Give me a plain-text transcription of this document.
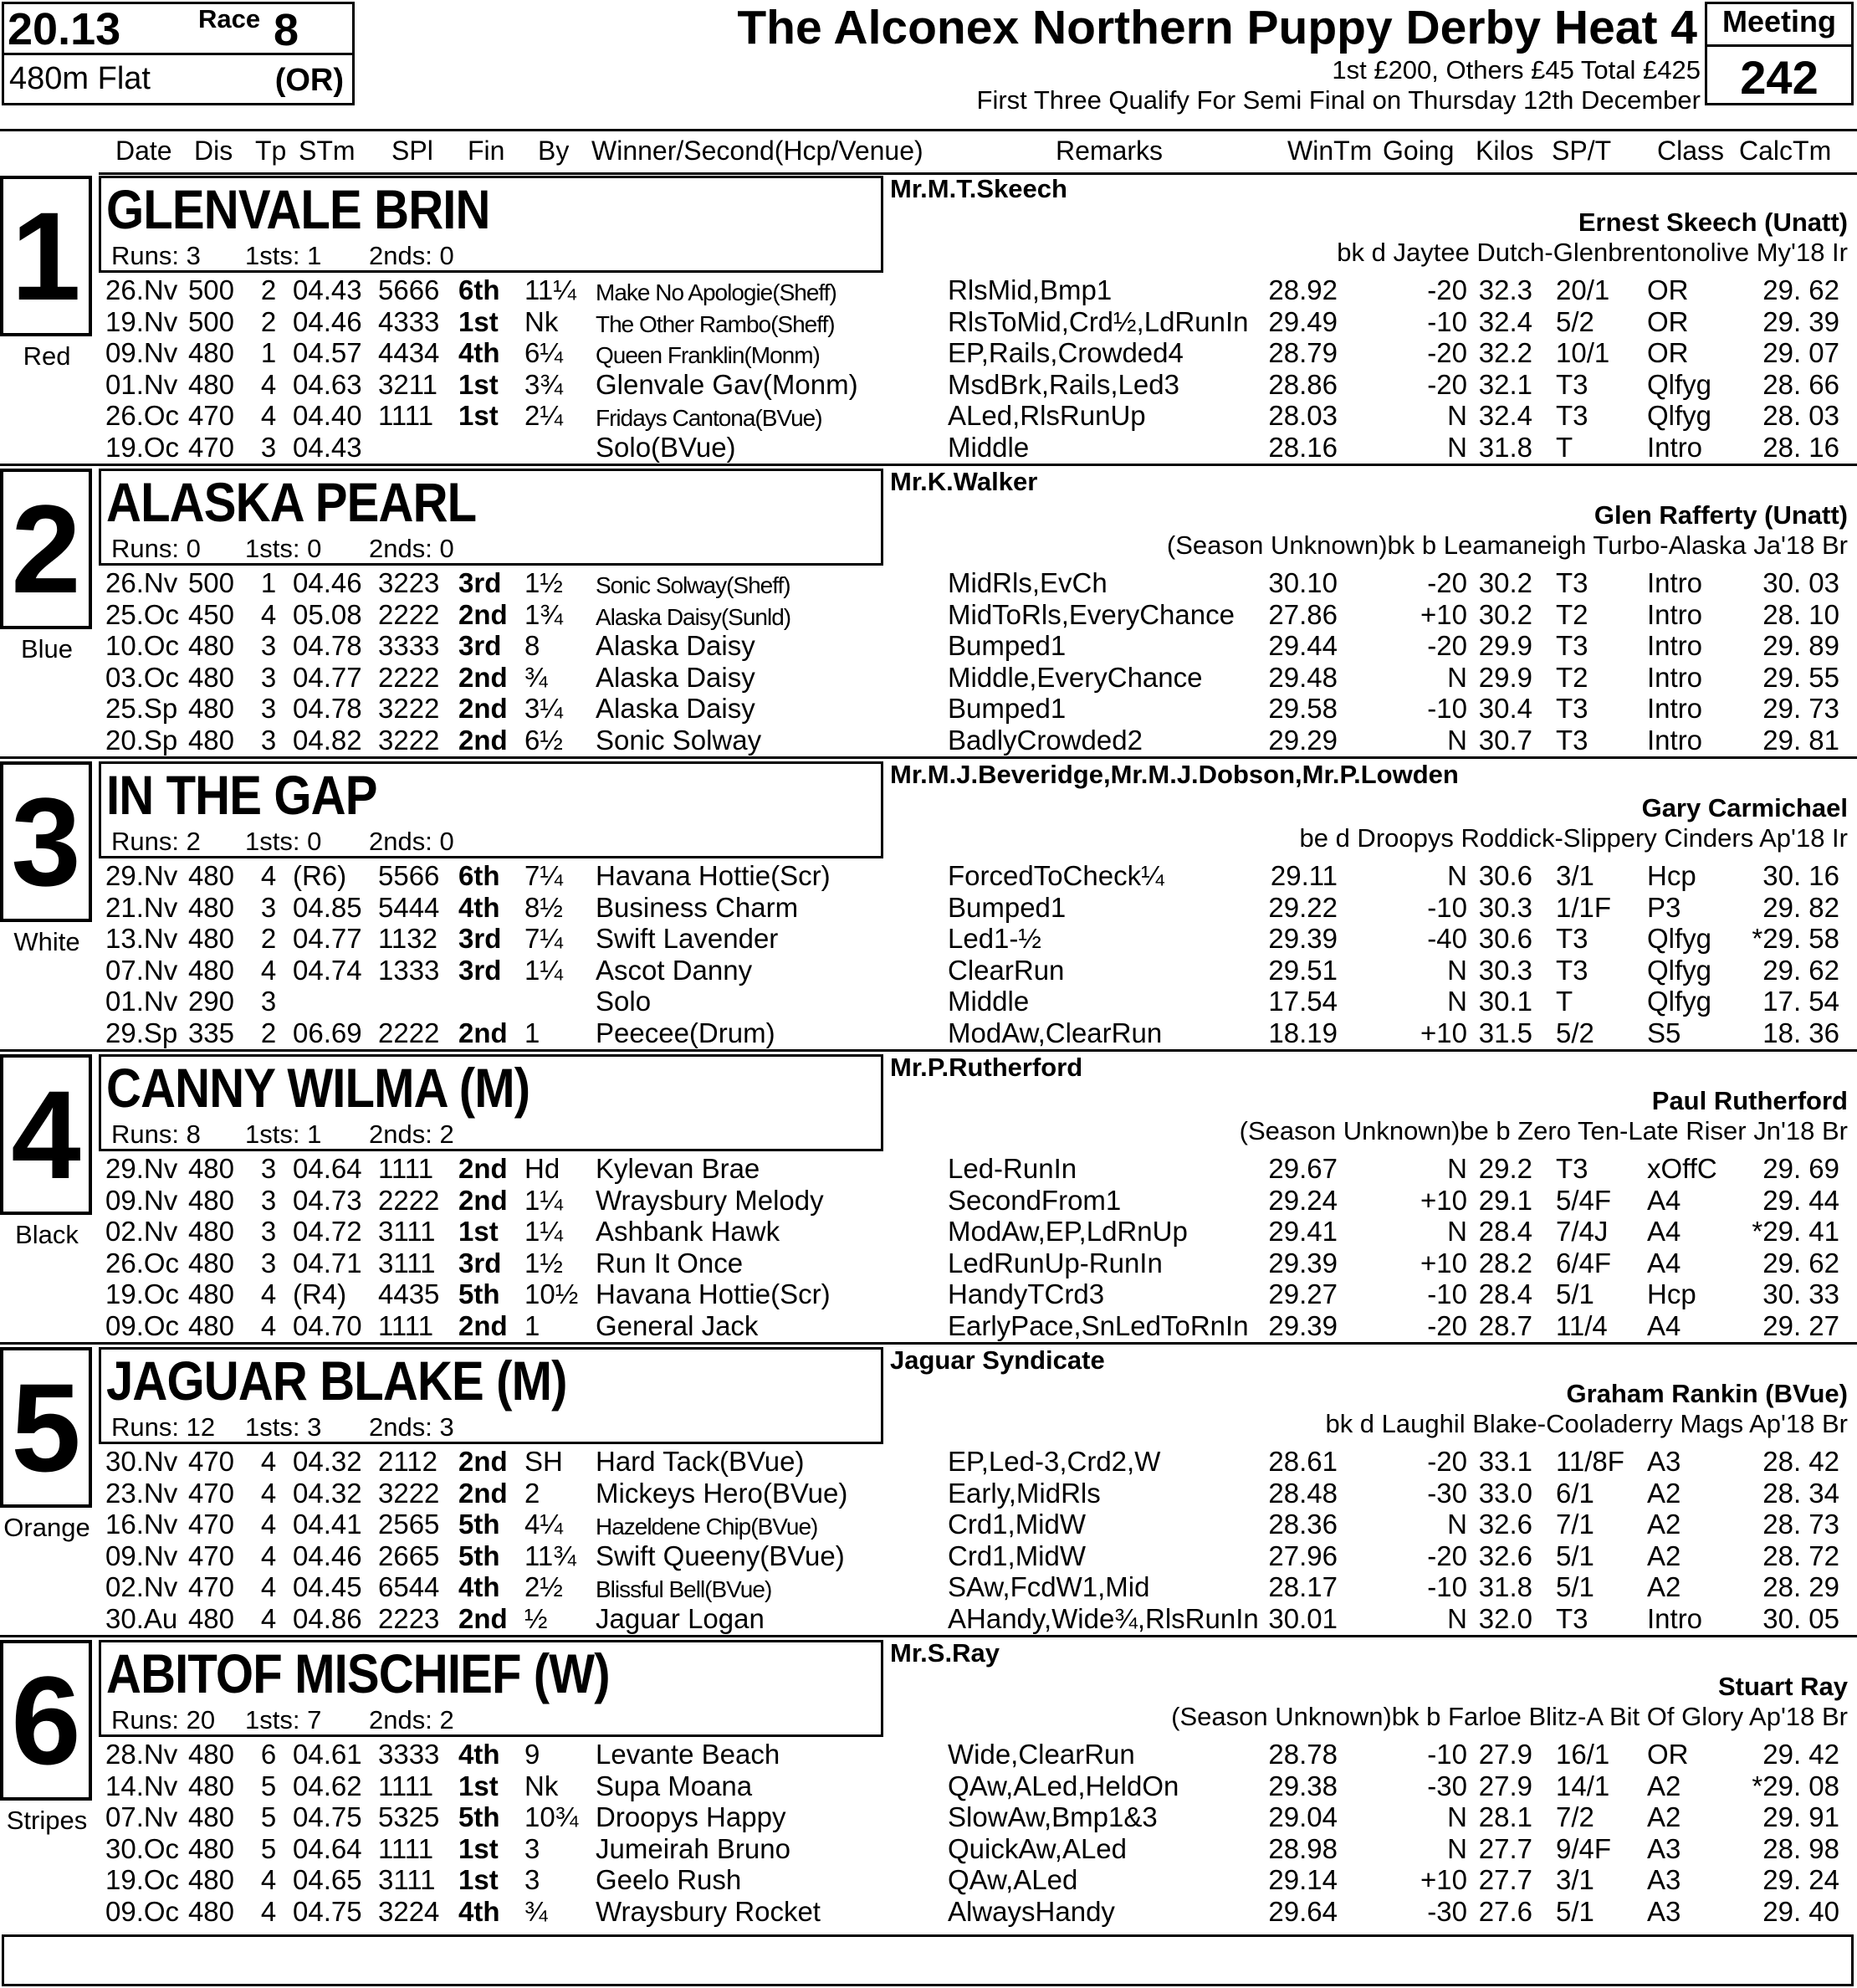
20.13	Race 8
480m Flat	(OR)
The Alconex Northern Puppy Derby Heat 4
1st £200, Others £45 Total £425
First Three Qualify For Semi Final on Thursday 12th December
Meeting
242
Date Dis Tp STm SPl Fin By Winner/Second(Hcp/Venue)	Remarks	WinTm Going Kilos SP/T Class CalcTm
1
Red
GLENVALE BRIN
Runs: 3 1sts: 1 2nds: 0
Mr.M.T.Skeech
Ernest Skeech (Unatt)
bk d Jaytee Dutch-Glenbrentonolive My'18 Ir
26.Nv 500 2 04.43 5666 6th 11¼ Make No Apologie(Sheff)	RlsMid,Bmp1	28.92	-20 32.3 20/1 OR	29. 62
19.Nv 500 2 04.46 4333 1st Nk The Other Rambo(Sheff)	RlsToMid,Crd½,LdRunIn 29.49	-10 32.4 5/2 OR	29. 39
09.Nv 480 1 04.57 4434 4th 6¼ Queen Franklin(Monm)	EP,Rails,Crowded4	28.79	-20 32.2 10/1 OR	29. 07
01.Nv 480 4 04.63 3211 1st 3¾ Glenvale Gav(Monm)	MsdBrk,Rails,Led3	28.86	-20 32.1 T3 Qlfyg 28. 66
26.Oc 470 4 04.40 1111 1st 2¼ Fridays Cantona(BVue)	ALed,RlsRunUp	28.03	N 32.4 T3 Qlfyg 28. 03
19.Oc 470 3 04.43	Solo(BVue)	Middle	28.16	N 31.8 T	Intro 28. 16
2
Blue
ALASKA PEARL
Runs: 0 1sts: 0 2nds: 0
Mr.K.Walker
Glen Rafferty (Unatt)
(Season Unknown)bk b Leamaneigh Turbo-Alaska Ja'18 Br
26.Nv 500 1 04.46 3223 3rd 1½ Sonic Solway(Sheff)	MidRls,EvCh	30.10	-20 30.2 T3 Intro 30. 03
25.Oc 450 4 05.08 2222 2nd 1¾ Alaska Daisy(Sunld)	MidToRls,EveryChance 27.86	+10 30.2 T2 Intro 28. 10
10.Oc 480 3 04.78 3333 3rd 8 Alaska Daisy	Bumped1	29.44	-20 29.9 T3 Intro 29. 89
03.Oc 480 3 04.77 2222 2nd ¾ Alaska Daisy	Middle,EveryChance 29.48	N 29.9 T2 Intro 29. 55
25.Sp 480 3 04.78 3222 2nd 3¼ Alaska Daisy	Bumped1	29.58	-10 30.4 T3 Intro 29. 73
20.Sp 480 3 04.82 3222 2nd 6½ Sonic Solway	BadlyCrowded2	29.29	N 30.7 T3 Intro 29. 81
3
White
IN THE GAP
Runs: 2 1sts: 0 2nds: 0
Mr.M.J.Beveridge,Mr.M.J.Dobson,Mr.P.Lowden
Gary Carmichael
be d Droopys Roddick-Slippery Cinders Ap'18 Ir
29.Nv 480 4 (R6) 5566 6th 7¼ Havana Hottie(Scr)	ForcedToCheck¼	29.11	N 30.6 3/1 Hcp 30. 16
21.Nv 480 3 04.85 5444 4th 8½ Business Charm	Bumped1	29.22	-10 30.3 1/1F P3	29. 82
13.Nv 480 2 04.77 1132 3rd 7¼ Swift Lavender	Led1-½	29.39	-40 30.6 T3 Qlfyg *29. 58
07.Nv 480 4 04.74 1333 3rd 1¼ Ascot Danny	ClearRun	29.51	N 30.3 T3 Qlfyg 29. 62
01.Nv 290 3	Solo	Middle	17.54	N 30.1 T	Qlfyg 17. 54
29.Sp 335 2 06.69 2222 2nd 1 Peecee(Drum)	ModAw,ClearRun	18.19	+10 31.5 5/2 S5	18. 36
4
Black
CANNY WILMA (M)
Runs: 8 1sts: 1 2nds: 2
Mr.P.Rutherford
Paul Rutherford
(Season Unknown)be b Zero Ten-Late Riser Jn'18 Br
29.Nv 480 3 04.64 1111 2nd Hd Kylevan Brae	Led-RunIn	29.67	N 29.2 T3 xOffC 29. 69
09.Nv 480 3 04.73 2222 2nd 1¼ Wraysbury Melody	SecondFrom1	29.24	+10 29.1 5/4F A4	29. 44
02.Nv 480 3 04.72 3111 1st 1¼ Ashbank Hawk	ModAw,EP,LdRnUp	29.41	N 28.4 7/4J A4	*29. 41
26.Oc 480 3 04.71 3111 3rd 1½ Run It Once	LedRunUp-RunIn	29.39	+10 28.2 6/4F A4	29. 62
19.Oc 480 4 (R4) 4435 5th 10½ Havana Hottie(Scr)	HandyTCrd3	29.27	-10 28.4 5/1 Hcp 30. 33
09.Oc 480 4 04.70 1111 2nd 1 General Jack	EarlyPace,SnLedToRnIn 29.39	-20 28.7 11/4 A4	29. 27
5
Orange
JAGUAR BLAKE (M)
Runs: 12 1sts: 3 2nds: 3
Jaguar Syndicate
Graham Rankin (BVue)
bk d Laughil Blake-Cooladerry Mags Ap'18 Br
30.Nv 470 4 04.32 2112 2nd SH Hard Tack(BVue)	EP,Led-3,Crd2,W	28.61	-20 33.1 11/8F A3	28. 42
23.Nv 470 4 04.32 3222 2nd 2 Mickeys Hero(BVue)	Early,MidRls	28.48	-30 33.0 6/1 A2	28. 34
16.Nv 470 4 04.41 2565 5th 4¼ Hazeldene Chip(BVue)	Crd1,MidW	28.36	N 32.6 7/1 A2	28. 73
09.Nv 470 4 04.46 2665 5th 11¾ Swift Queeny(BVue)	Crd1,MidW	27.96	-20 32.6 5/1 A2	28. 72
02.Nv 470 4 04.45 6544 4th 2½ Blissful Bell(BVue)	SAw,FcdW1,Mid	28.17	-10 31.8 5/1 A2	28. 29
30.Au 480 4 04.86 2223 2nd ½ Jaguar Logan	AHandy,Wide¾,RlsRunIn 30.01	N 32.0 T3 Intro 30. 05
6
Stripes
ABITOF MISCHIEF (W)
Runs: 20 1sts: 7 2nds: 2
Mr.S.Ray
Stuart Ray
(Season Unknown)bk b Farloe Blitz-A Bit Of Glory Ap'18 Br
28.Nv 480 6 04.61 3333 4th 9 Levante Beach	Wide,ClearRun	28.78	-10 27.9 16/1 OR	29. 42
14.Nv 480 5 04.62 1111 1st Nk Supa Moana	QAw,ALed,HeldOn	29.38	-30 27.9 14/1 A2	*29. 08
07.Nv 480 5 04.75 5325 5th 10¾ Droopys Happy	SlowAw,Bmp1&3	29.04	N 28.1 7/2 A2	29. 91
30.Oc 480 5 04.64 1111 1st 3 Jumeirah Bruno	QuickAw,ALed	28.98	N 27.7 9/4F A3	28. 98
19.Oc 480 4 04.65 3111 1st 3 Geelo Rush	QAw,ALed	29.14	+10 27.7 3/1 A3	29. 24
09.Oc 480 4 04.75 3224 4th ¾ Wraysbury Rocket	AlwaysHandy	29.64	-30 27.6 5/1 A3	29. 40
